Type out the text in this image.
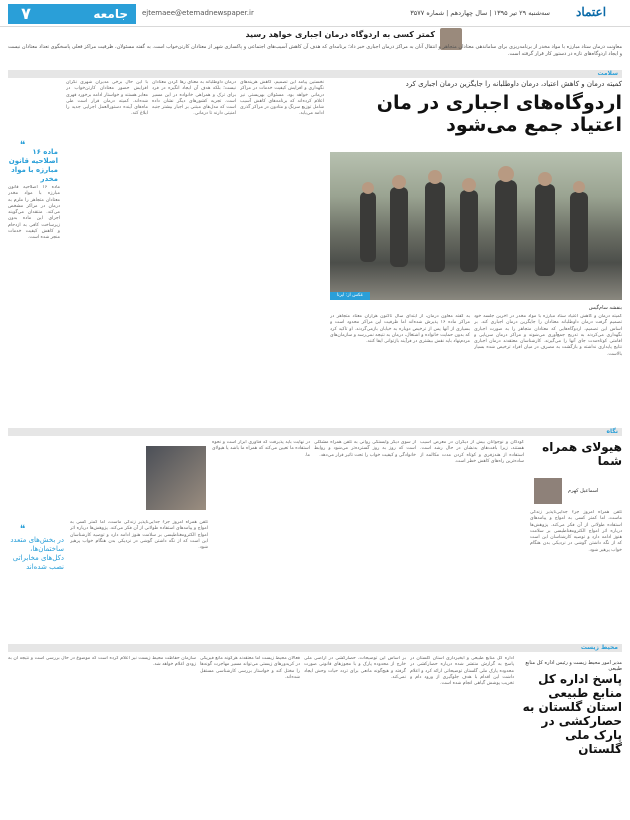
۷	جامعه	ejtemaee@etemadnewspaper.ir	سه‌شنبه ۲۹ تیر ۱۳۹۵ | سال چهاردهم | شماره ۳۵۷۷	اعتماد
کمتر کسی به اردوگاه درمان اجباری خواهد رسید
معاونت درمان ستاد مبارزه با مواد مخدر از برنامه‌ریزی برای ساماندهی معتادان متجاهر و انتقال آنان به مراکز درمان اجباری خبر داد؛ برنامه‌ای که هدف آن کاهش آسیب‌های اجتماعی و پاکسازی شهر از معتادان کارتن‌خواب است. به گفته مسئولان، ظرفیت مراکز فعلی پاسخگوی تعداد معتادان نیست و ایجاد اردوگاه‌های تازه در دستور کار قرار گرفته است.
سلامت
کمیته درمان و کاهش اعتیاد، درمان داوطلبانه را جایگزین درمان اجباری کرد
اردوگاه‌های اجباری در مان اعتیاد جمع می‌شود
عکس از: ایرنا
بنفشه سام‌گیس
کمیته درمان و کاهش اعتیاد ستاد مبارزه با مواد مخدر در آخرین جلسه خود تصمیم گرفت درمان داوطلبانه معتادان را جایگزین درمان اجباری کند. بر اساس این تصمیم، اردوگاه‌هایی که معتادان متجاهر را به صورت اجباری نگهداری می‌کردند به تدریج جمع‌آوری می‌شوند و مراکز درمان سرپایی و اقامتی کوتاه‌مدت جای آنها را می‌گیرند. کارشناسان معتقدند درمان اجباری نتایج پایداری نداشته و بازگشت به مصرف در میان افراد ترخیص شده بسیار بالاست.
به گفته معاون درمان، از ابتدای سال تاکنون هزاران معتاد متجاهر در مراکز ماده ۱۶ پذیرش شده‌اند اما ظرفیت این مراکز محدود است و بسیاری از آنها پس از ترخیص دوباره به خیابان بازمی‌گردند. او تاکید کرد که بدون حمایت خانواده و اشتغال، درمان به نتیجه نمی‌رسد و سازمان‌های مردم‌نهاد باید نقش بیشتری در فرآیند بازتوانی ایفا کنند.
نخستین پیامد این تصمیم، کاهش هزینه‌های نگهداری و افزایش کیفیت خدمات در مراکز درمانی خواهد بود. مسئولان بهزیستی نیز اعلام کرده‌اند که برنامه‌های کاهش آسیب شامل توزیع سرنگ و متادون در مراکز گذری ادامه می‌یابد.
درمان داوطلبانه به معنای رها کردن معتادان نیست؛ بلکه هدف آن ایجاد انگیزه در فرد برای ترک و همراهی خانواده در این مسیر است. تجربه کشورهای دیگر نشان داده است که مدل‌های مبتنی بر اجبار بیشتر جنبه امنیتی دارند تا درمانی.
با این حال برخی مدیران شهری نگران افزایش حضور معتادان کارتن‌خواب در معابر هستند و خواستار ادامه برخورد قهری شده‌اند. کمیته درمان قرار است طی ماه‌های آینده دستورالعمل اجرایی جدید را ابلاغ کند.
ماده ۱۶ اصلاحیه قانون مبارزه با مواد مخدر معتادان متجاهر را ملزم به درمان در مراکز مشخص می‌کند. منتقدان می‌گویند اجرای این ماده بدون زیرساخت کافی به ازدحام و کاهش کیفیت خدمات منجر شده است.
❝
ماده ۱۶ اصلاحیه قانون مبارزه با مواد مخدر
نگاه
هیولای همراه شما
اسماعیل کهرم
تلفن همراه امروز جزء جدایی‌ناپذیر زندگی ماست، اما کمتر کسی به امواج و پیامدهای استفاده طولانی از آن فکر می‌کند. پژوهش‌ها درباره اثر امواج الکترومغناطیسی بر سلامت هنوز ادامه دارد و توصیه کارشناسان این است که از نگه داشتن گوشی در نزدیکی بدن هنگام خواب پرهیز شود.
کودکان و نوجوانان بیش از دیگران در معرض آسیب هستند، زیرا بافت‌های بدنشان در حال رشد است. استفاده از هندزفری و کوتاه کردن مدت مکالمه از ساده‌ترین راه‌های کاهش خطر است.
از سوی دیگر وابستگی روانی به تلفن همراه مشکلی است که روز به روز گسترده‌تر می‌شود و روابط خانوادگی و کیفیت خواب را تحت تاثیر قرار می‌دهد.
در نهایت باید پذیرفت که فناوری ابزار است و نحوه استفاده ما تعیین می‌کند که همراه ما باشد یا هیولای ما.
تلفن همراه امروز جزء جدایی‌ناپذیر زندگی ماست، اما کمتر کسی به امواج و پیامدهای استفاده طولانی از آن فکر می‌کند. پژوهش‌ها درباره اثر امواج الکترومغناطیسی بر سلامت هنوز ادامه دارد و توصیه کارشناسان این است که از نگه داشتن گوشی در نزدیکی بدن هنگام خواب پرهیز شود.
❝
در بخش‌های متعدد ساختمان‌ها، دکل‌های مخابراتی نصب شده‌اند
محیط زیست
مدیر امور محیط زیست و رئیس اداره کل منابع طبیعی
پاسخ اداره کل منابع طبیعی استان گلستان به حصارکشی در پارک ملی گلستان
اداره کل منابع طبیعی و آبخیزداری استان گلستان در پاسخ به گزارش منتشر شده درباره حصارکشی در محدوده پارک ملی گلستان توضیحاتی ارائه کرد و اعلام داشت این اقدام با هدف جلوگیری از ورود دام و تخریب پوشش گیاهی انجام شده است.
بر اساس این توضیحات، حصارکشی در اراضی ملی خارج از محدوده پارک و با مجوزهای قانونی صورت گرفته و هیچ‌گونه مانعی برای تردد حیات وحش ایجاد نمی‌کند.
فعالان محیط زیست اما معتقدند هرگونه مانع فیزیکی در کریدورهای زیستی می‌تواند مسیر مهاجرت گونه‌ها را مختل کند و خواستار بررسی کارشناسی مستقل شده‌اند.
سازمان حفاظت محیط زیست نیز اعلام کرده است که موضوع در حال بررسی است و نتیجه آن به زودی اعلام خواهد شد.
